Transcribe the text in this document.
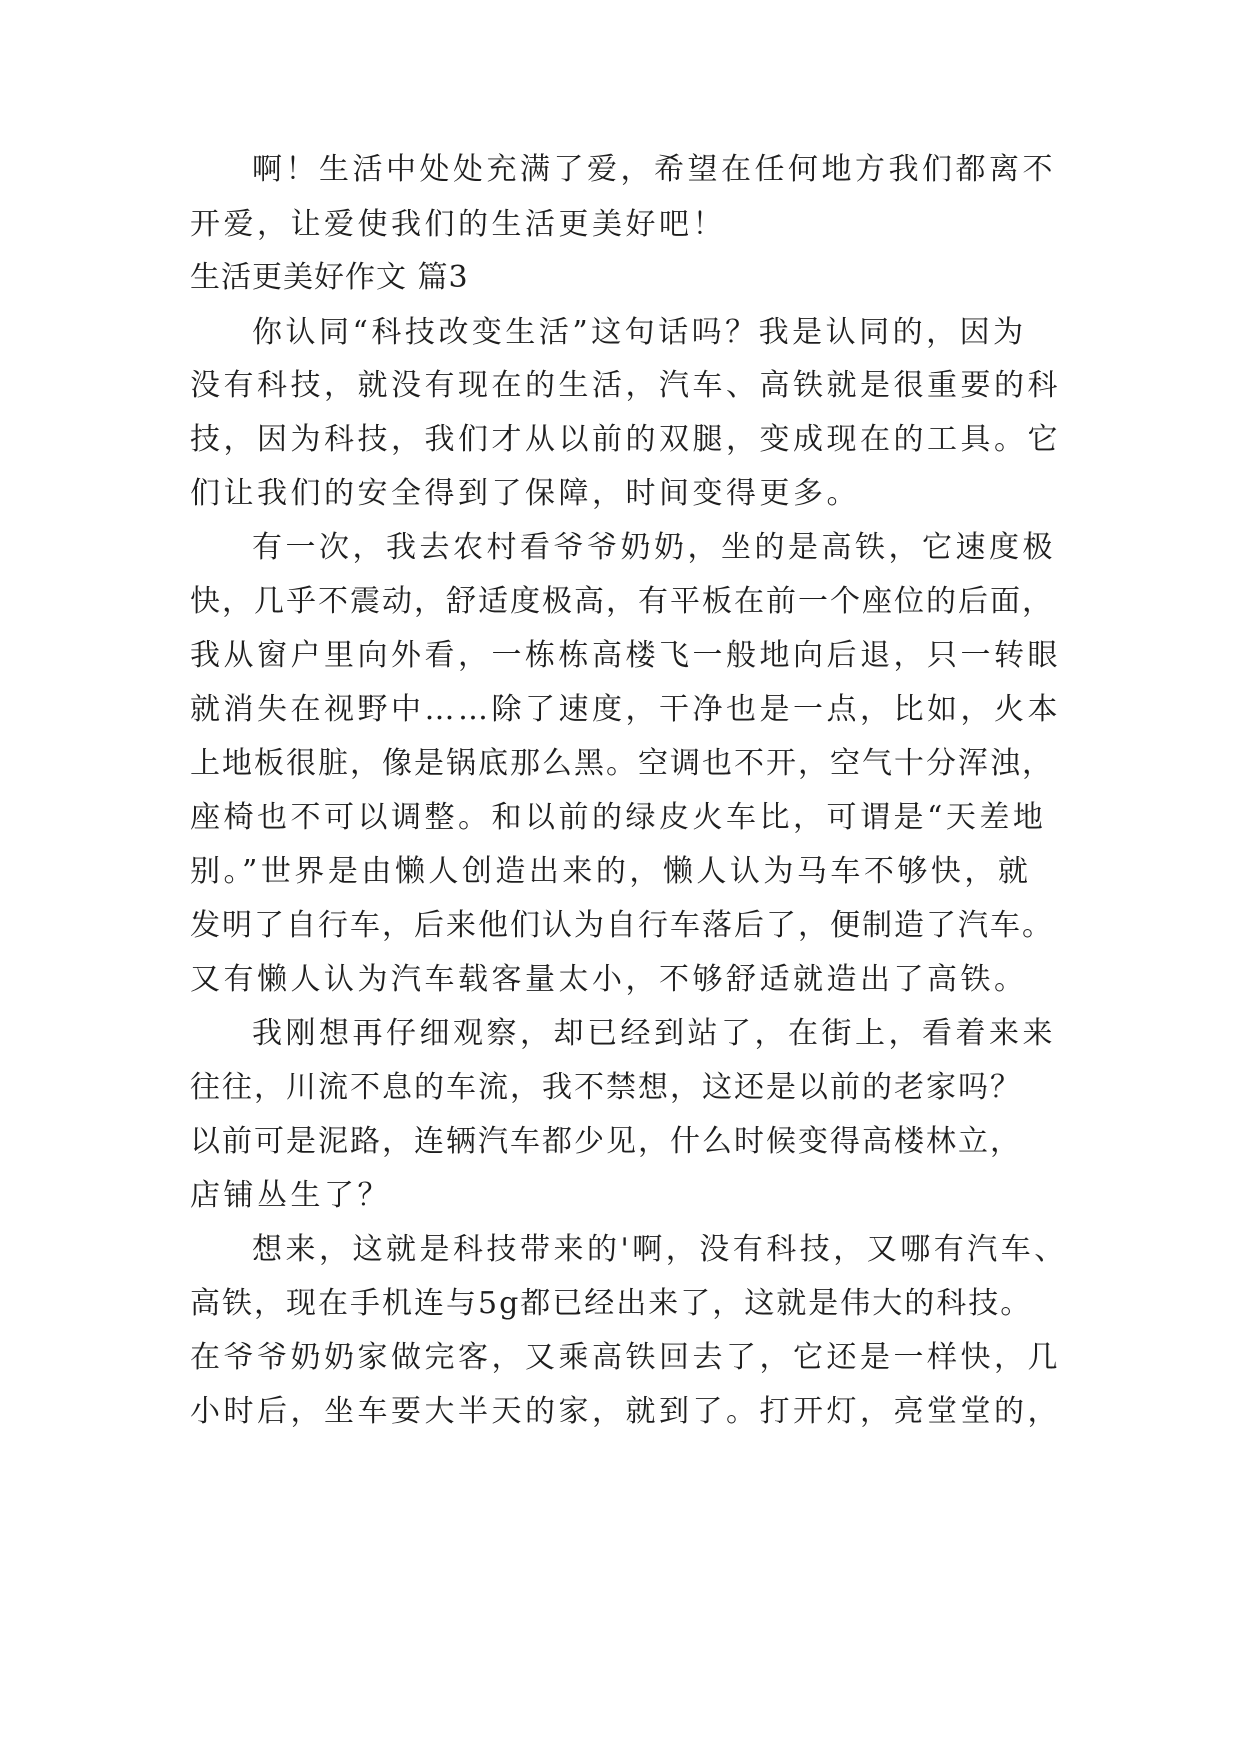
啊！生活中处处充满了爱，希望在任何地方我们都离不
开爱，让爱使我们的生活更美好吧！
生活更美好作文 篇3
你认同“科技改变生活”这句话吗？我是认同的，因为
没有科技，就没有现在的生活，汽车、高铁就是很重要的科
技，因为科技，我们才从以前的双腿，变成现在的工具。它
们让我们的安全得到了保障，时间变得更多。
有一次，我去农村看爷爷奶奶，坐的是高铁，它速度极
快，几乎不震动，舒适度极高，有平板在前一个座位的后面，
我从窗户里向外看，一栋栋高楼飞一般地向后退，只一转眼
就消失在视野中……除了速度，干净也是一点，比如，火本
上地板很脏，像是锅底那么黑。空调也不开，空气十分浑浊，
座椅也不可以调整。和以前的绿皮火车比，可谓是“天差地
别。”世界是由懒人创造出来的，懒人认为马车不够快，就
发明了自行车，后来他们认为自行车落后了，便制造了汽车。
又有懒人认为汽车载客量太小，不够舒适就造出了高铁。
我刚想再仔细观察，却已经到站了，在街上，看着来来
往往，川流不息的车流，我不禁想，这还是以前的老家吗？
以前可是泥路，连辆汽车都少见，什么时候变得高楼林立，
店铺丛生了？
想来，这就是科技带来的'啊，没有科技，又哪有汽车、
高铁，现在手机连与5g都已经出来了，这就是伟大的科技。
在爷爷奶奶家做完客，又乘高铁回去了，它还是一样快，几
小时后，坐车要大半天的家，就到了。打开灯，亮堂堂的，
